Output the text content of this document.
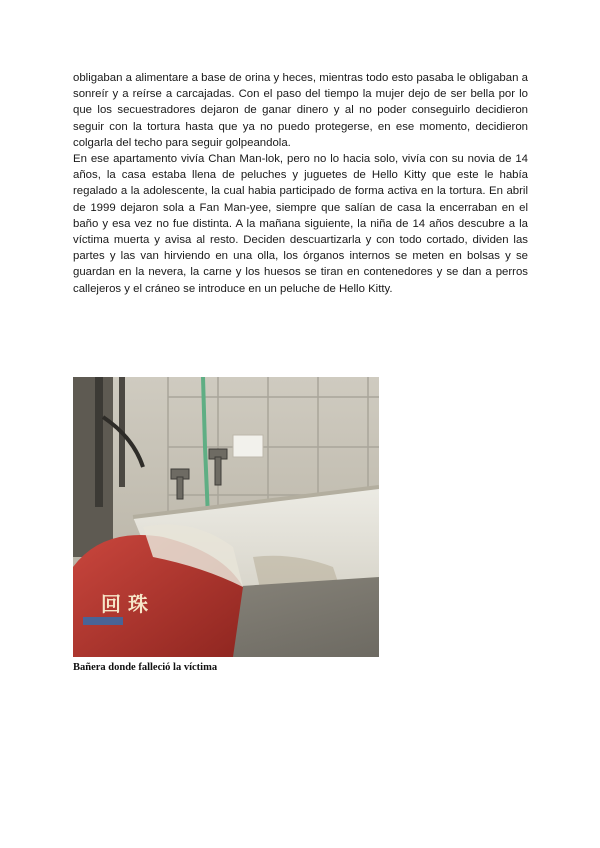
obligaban a alimentare a base de orina y heces, mientras todo esto pasaba le obligaban a sonreír y a reírse a carcajadas. Con el paso del tiempo la mujer dejo de ser bella por lo que los secuestradores dejaron de ganar dinero y al no poder conseguirlo decidieron seguir con la tortura hasta que ya no puedo protegerse, en ese momento, decidieron colgarla del techo para seguir golpeandola.

En ese apartamento vivía Chan Man-lok, pero no lo hacia solo, vivía con su novia de 14 años, la casa estaba llena de peluches y juguetes de Hello Kitty que este le había regalado a la adolescente, la cual habia participado de forma activa en la tortura. En abril de 1999 dejaron sola a Fan Man-yee, siempre que salían de casa la encerraban en el baño y esa vez no fue distinta. A la mañana siguiente, la niña de 14 años descubre a la víctima muerta y avisa al resto. Deciden descuartizarla y con todo cortado, dividen las partes y las van hirviendo en una olla, los órganos internos se meten en bolsas y se guardan en la nevera, la carne y los huesos se tiran en contenedores y se dan a perros callejeros y el cráneo se introduce en un peluche de Hello Kitty.

回 珠
Bañera donde falleció la víctima
